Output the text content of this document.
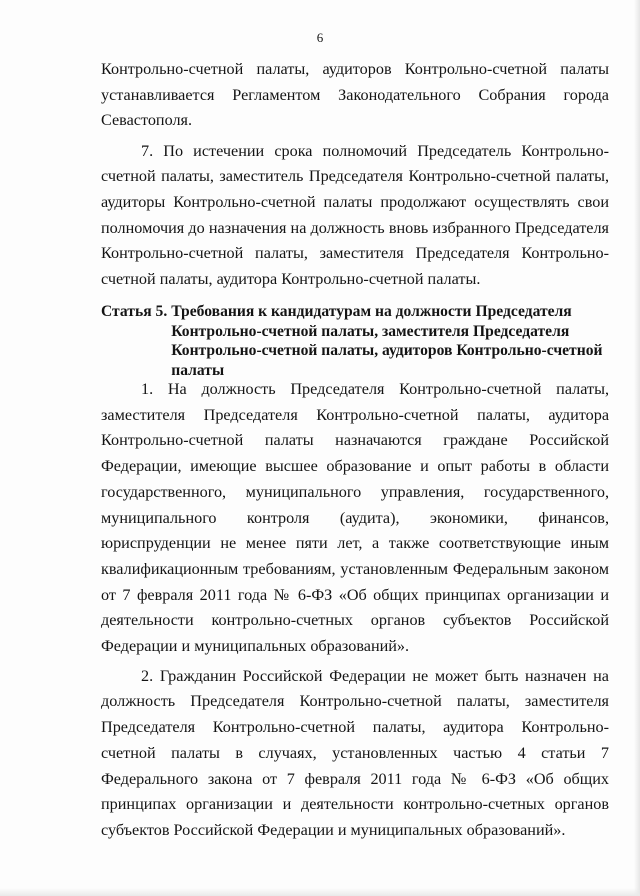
6

Контрольно-счетной палаты, аудиторов Контрольно-счетной палаты устанавливается Регламентом Законодательного Собрания города Севастополя.

7. По истечении срока полномочий Председатель Контрольно-счетной палаты, заместитель Председателя Контрольно-счетной палаты, аудиторы Контрольно-счетной палаты продолжают осуществлять свои полномочия до назначения на должность вновь избранного Председателя Контрольно-счетной палаты, заместителя Председателя Контрольно-счетной палаты, аудитора Контрольно-счетной палаты.

Статья 5. Требования к кандидатурам на должности Председателя Контрольно-счетной палаты, заместителя Председателя Контрольно-счетной палаты, аудиторов Контрольно-счетной палаты

1. На должность Председателя Контрольно-счетной палаты, заместителя Председателя Контрольно-счетной палаты, аудитора Контрольно-счетной палаты назначаются граждане Российской Федерации, имеющие высшее образование и опыт работы в области государственного, муниципального управления, государственного, муниципального контроля (аудита), экономики, финансов, юриспруденции не менее пяти лет, а также соответствующие иным квалификационным требованиям, установленным Федеральным законом от 7 февраля 2011 года № 6-ФЗ «Об общих принципах организации и деятельности контрольно-счетных органов субъектов Российской Федерации и муниципальных образований».

2. Гражданин Российской Федерации не может быть назначен на должность Председателя Контрольно-счетной палаты, заместителя Председателя Контрольно-счетной палаты, аудитора Контрольно-счетной палаты в случаях, установленных частью 4 статьи 7 Федерального закона от 7 февраля 2011 года № 6-ФЗ «Об общих принципах организации и деятельности контрольно-счетных органов субъектов Российской Федерации и муниципальных образований».
